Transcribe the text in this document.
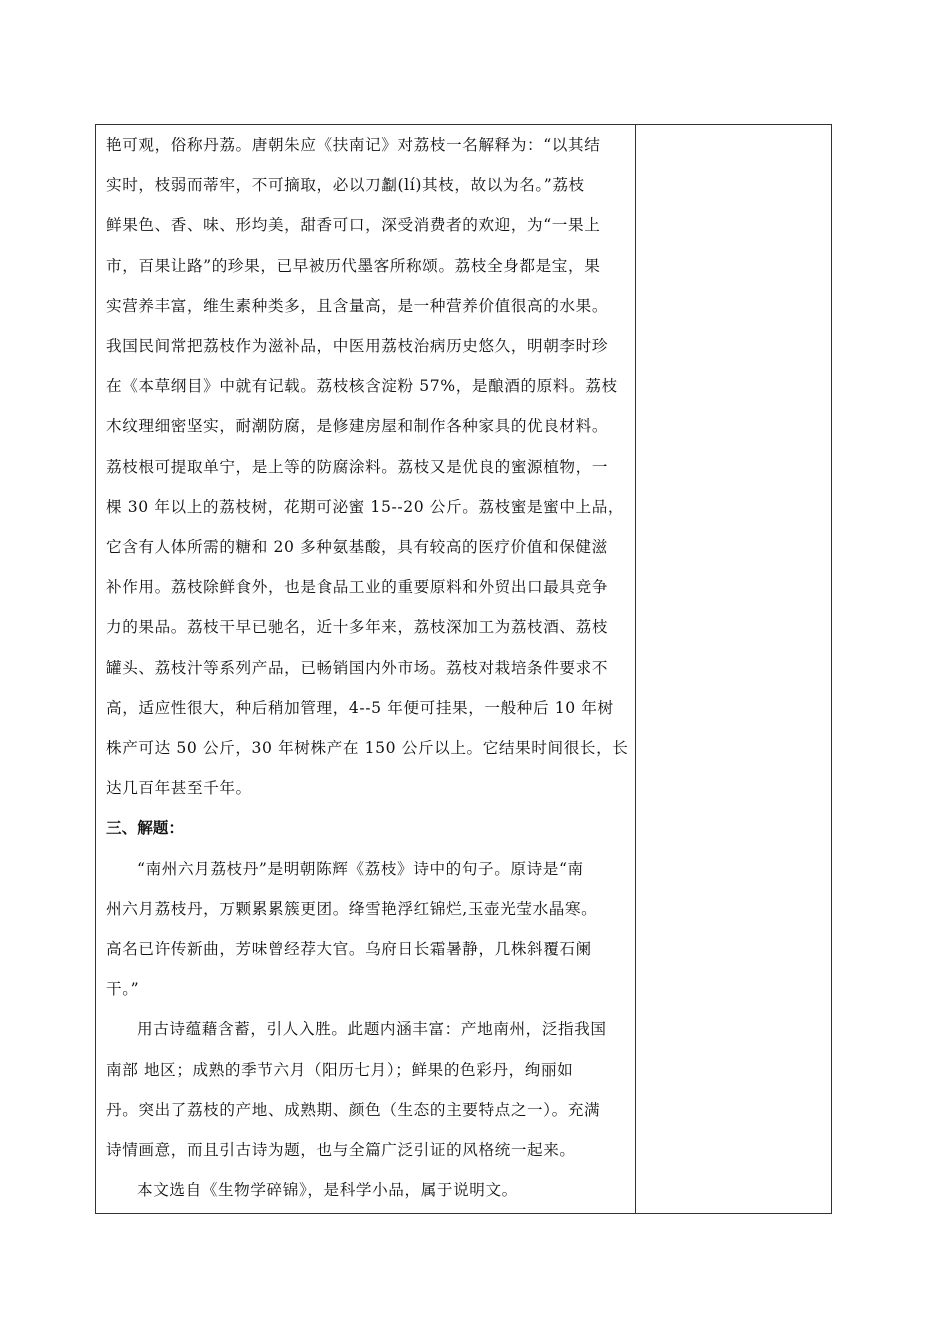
艳可观，俗称丹荔。唐朝朱应《扶南记》对荔枝一名解释为：“以其结
实时，枝弱而蒂牢，不可摘取，必以刀劙(lí)其枝，故以为名。”荔枝
鲜果色、香、味、形均美，甜香可口，深受消费者的欢迎，为“一果上
市，百果让路”的珍果，已早被历代墨客所称颂。荔枝全身都是宝，果
实营养丰富，维生素种类多，且含量高，是一种营养价值很高的水果。
我国民间常把荔枝作为滋补品，中医用荔枝治病历史悠久，明朝李时珍
在《本草纲目》中就有记载。荔枝核含淀粉 57%，是酿酒的原料。荔枝
木纹理细密坚实，耐潮防腐，是修建房屋和制作各种家具的优良材料。
荔枝根可提取单宁，是上等的防腐涂料。荔枝又是优良的蜜源植物，一
棵 30 年以上的荔枝树，花期可泌蜜 15--20 公斤。荔枝蜜是蜜中上品，
它含有人体所需的糖和 20 多种氨基酸，具有较高的医疗价值和保健滋
补作用。荔枝除鲜食外，也是食品工业的重要原料和外贸出口最具竞争
力的果品。荔枝干早已驰名，近十多年来，荔枝深加工为荔枝酒、荔枝
罐头、荔枝汁等系列产品，已畅销国内外市场。荔枝对栽培条件要求不
高，适应性很大，种后稍加管理，4--5 年便可挂果，一般种后 10 年树
株产可达 50 公斤，30 年树株产在 150 公斤以上。它结果时间很长，长
达几百年甚至千年。
三、解题：
“南州六月荔枝丹”是明朝陈辉《荔枝》诗中的句子。原诗是“南
州六月荔枝丹，万颗累累簇更团。绛雪艳浮红锦烂,玉壶光莹水晶寒。
高名已许传新曲，芳味曾经荐大官。乌府日长霜暑静，几株斜覆石阑
干。”
用古诗蕴藉含蓄，引人入胜。此题内涵丰富：产地南州，泛指我国
南部 地区；成熟的季节六月（阳历七月）；鲜果的色彩丹，绚丽如
丹。突出了荔枝的产地、成熟期、颜色（生态的主要特点之一）。充满
诗情画意，而且引古诗为题，也与全篇广泛引证的风格统一起来。
本文选自《生物学碎锦》，是科学小品，属于说明文。
